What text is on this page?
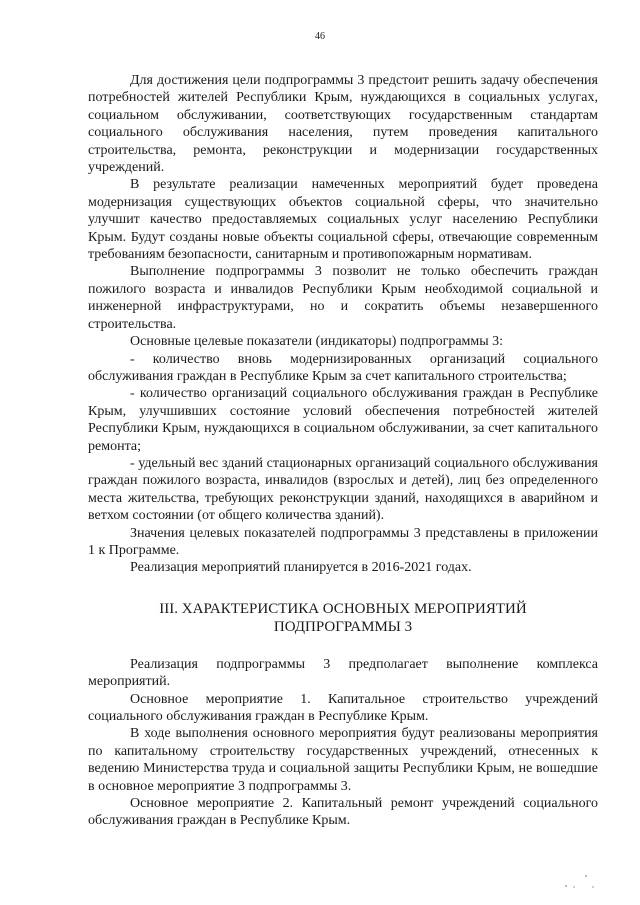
46

Для достижения цели подпрограммы 3 предстоит решить задачу обеспечения потребностей жителей Республики Крым, нуждающихся в социальных услугах, социальном обслуживании, соответствующих государственным стандартам социального обслуживания населения, путем проведения капитального строительства, ремонта, реконструкции и модернизации государственных учреждений.

В результате реализации намеченных мероприятий будет проведена модернизация существующих объектов социальной сферы, что значительно улучшит качество предоставляемых социальных услуг населению Республики Крым. Будут созданы новые объекты социальной сферы, отвечающие современным требованиям безопасности, санитарным и противопожарным нормативам.

Выполнение подпрограммы 3 позволит не только обеспечить граждан пожилого возраста и инвалидов Республики Крым необходимой социальной и инженерной инфраструктурами, но и сократить объемы незавершенного строительства.

Основные целевые показатели (индикаторы) подпрограммы 3:

- количество вновь модернизированных организаций социального обслуживания граждан в Республике Крым за счет капитального строительства;

- количество организаций социального обслуживания граждан в Республике Крым, улучшивших состояние условий обеспечения потребностей жителей Республики Крым, нуждающихся в социальном обслуживании, за счет капитального ремонта;

- удельный вес зданий стационарных организаций социального обслуживания граждан пожилого возраста, инвалидов (взрослых и детей), лиц без определенного места жительства, требующих реконструкции зданий, находящихся в аварийном и ветхом состоянии (от общего количества зданий).

Значения целевых показателей подпрограммы 3 представлены в приложении 1 к Программе.

Реализация мероприятий планируется в 2016-2021 годах.

III. ХАРАКТЕРИСТИКА ОСНОВНЫХ МЕРОПРИЯТИЙ
ПОДПРОГРАММЫ 3

Реализация подпрограммы 3 предполагает выполнение комплекса мероприятий.

Основное мероприятие 1. Капитальное строительство учреждений социального обслуживания граждан в Республике Крым.

В ходе выполнения основного мероприятия будут реализованы мероприятия по капитальному строительству государственных учреждений, отнесенных к ведению Министерства труда и социальной защиты Республики Крым, не вошедшие в основное мероприятие 3 подпрограммы 3.

Основное мероприятие 2. Капитальный ремонт учреждений социального обслуживания граждан в Республике Крым.
